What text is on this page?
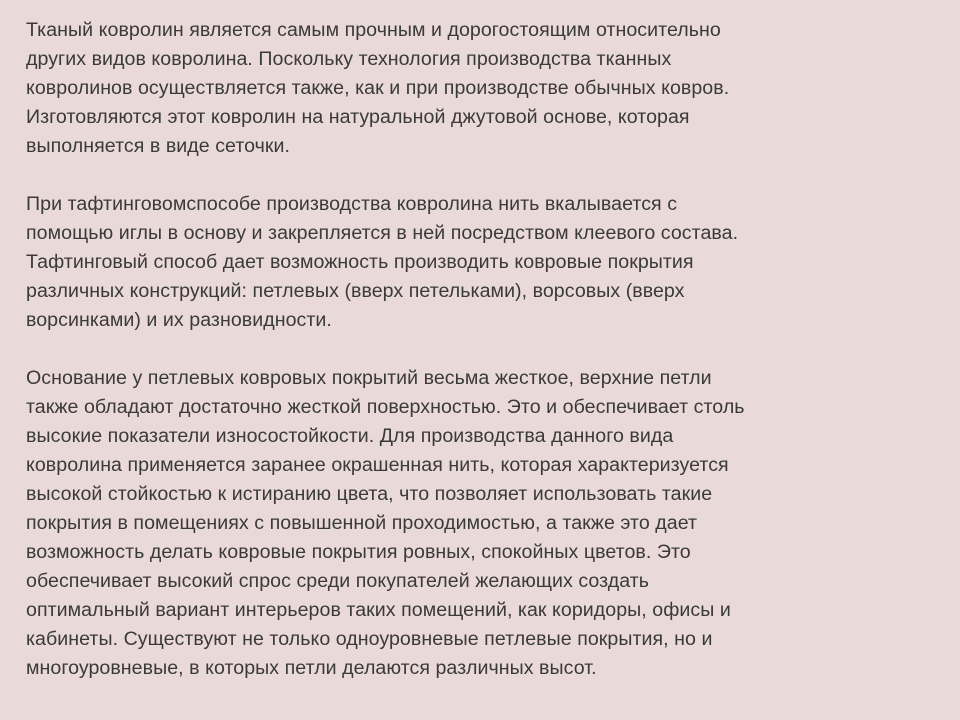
Тканый ковролин является самым прочным и дорогостоящим относительно
других видов ковролина. Поскольку технология производства тканных
ковролинов осуществляется также, как и при производстве обычных ковров.
Изготовляются этот ковролин на натуральной джутовой основе, которая
выполняется в виде сеточки.

При тафтинговомспособе производства ковролина нить вкалывается с
помощью иглы в основу и закрепляется в ней посредством клеевого состава.
Тафтинговый способ дает возможность производить ковровые покрытия
различных конструкций: петлевых (вверх петельками), ворсовых (вверх
ворсинками) и их разновидности.

Основание у петлевых ковровых покрытий весьма жесткое, верхние петли
также обладают достаточно жесткой поверхностью. Это и обеспечивает столь
высокие показатели износостойкости. Для производства данного вида
ковролина применяется заранее окрашенная нить, которая характеризуется
высокой стойкостью к истиранию цвета, что позволяет использовать такие
покрытия в помещениях с повышенной проходимостью, а также это дает
возможность делать ковровые покрытия ровных, спокойных цветов. Это
обеспечивает высокий спрос среди покупателей желающих создать
оптимальный вариант интерьеров таких помещений, как коридоры, офисы и
кабинеты. Существуют не только одноуровневые петлевые покрытия, но и
многоуровневые, в которых петли делаются различных высот.
